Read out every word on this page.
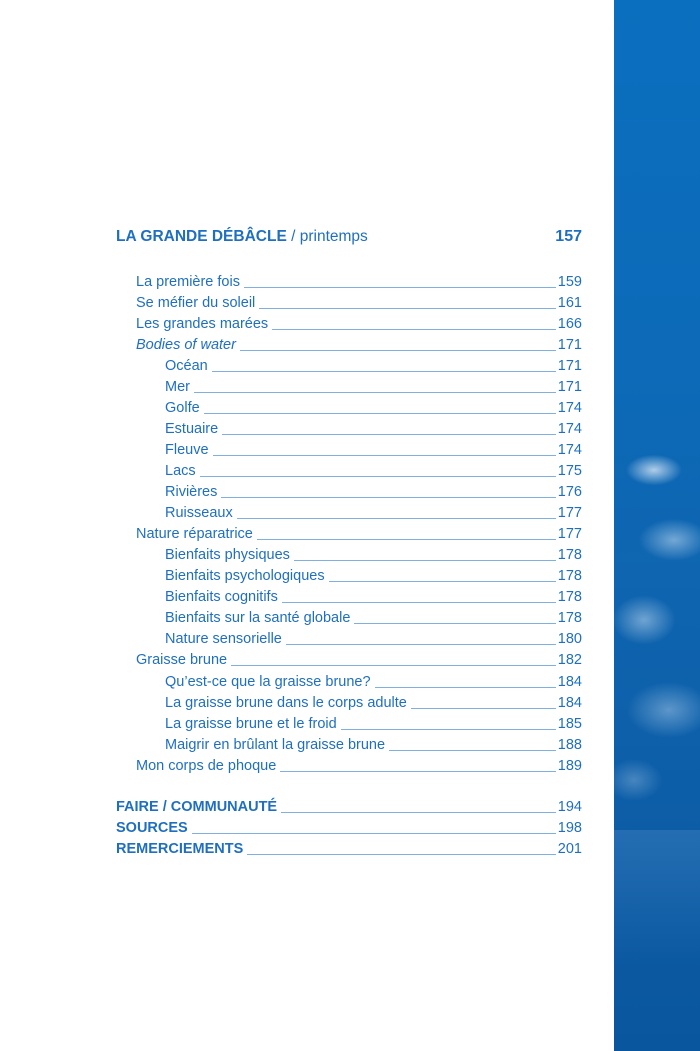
LA GRANDE DÉBÂCLE / printemps	157
La première fois	159
Se méfier du soleil	161
Les grandes marées	166
Bodies of water	171
Océan	171
Mer	171
Golfe	174
Estuaire	174
Fleuve	174
Lacs	175
Rivières	176
Ruisseaux	177
Nature réparatrice	177
Bienfaits physiques	178
Bienfaits psychologiques	178
Bienfaits cognitifs	178
Bienfaits sur la santé globale	178
Nature sensorielle	180
Graisse brune	182
Qu’est-ce que la graisse brune?	184
La graisse brune dans le corps adulte	184
La graisse brune et le froid	185
Maigrir en brûlant la graisse brune	188
Mon corps de phoque	189
FAIRE / COMMUNAUTÉ	194
SOURCES	198
REMERCIEMENTS	201
